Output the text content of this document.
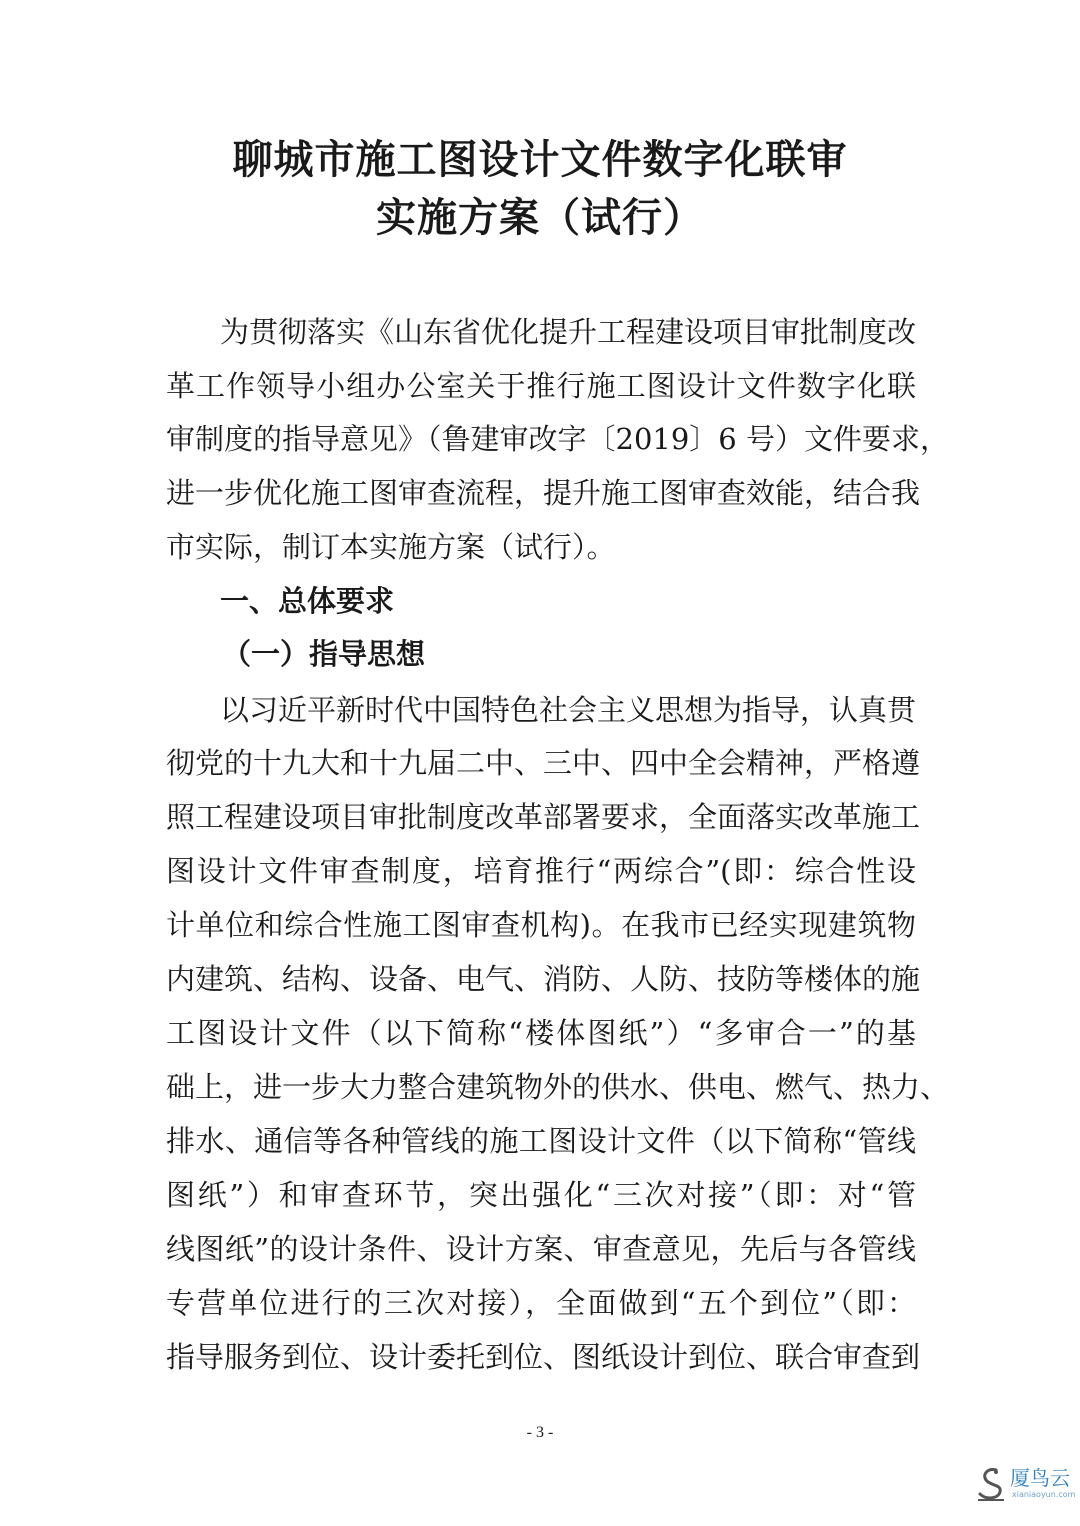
聊城市施工图设计文件数字化联审
实施方案（试行）
为贯彻落实《山东省优化提升工程建设项目审批制度改
革工作领导小组办公室关于推行施工图设计文件数字化联
审制度的指导意见》（鲁建审改字〔2019〕6 号）文件要求，
进一步优化施工图审查流程，提升施工图审查效能，结合我
市实际，制订本实施方案（试行）。
一、总体要求
（一）指导思想
以习近平新时代中国特色社会主义思想为指导，认真贯
彻党的十九大和十九届二中、三中、四中全会精神，严格遵
照工程建设项目审批制度改革部署要求，全面落实改革施工
图设计文件审查制度，培育推行“两综合”(即：综合性设
计单位和综合性施工图审查机构)。在我市已经实现建筑物
内建筑、结构、设备、电气、消防、人防、技防等楼体的施
工图设计文件（以下简称“楼体图纸”）“多审合一”的基
础上，进一步大力整合建筑物外的供水、供电、燃气、热力、
排水、通信等各种管线的施工图设计文件（以下简称“管线
图纸”）和审查环节，突出强化“三次对接”（即：对“管
线图纸”的设计条件、设计方案、审查意见，先后与各管线
专营单位进行的三次对接），全面做到“五个到位”（即：
指导服务到位、设计委托到位、图纸设计到位、联合审查到
- 3 -
厦鸟云
xianiaoyun.com
